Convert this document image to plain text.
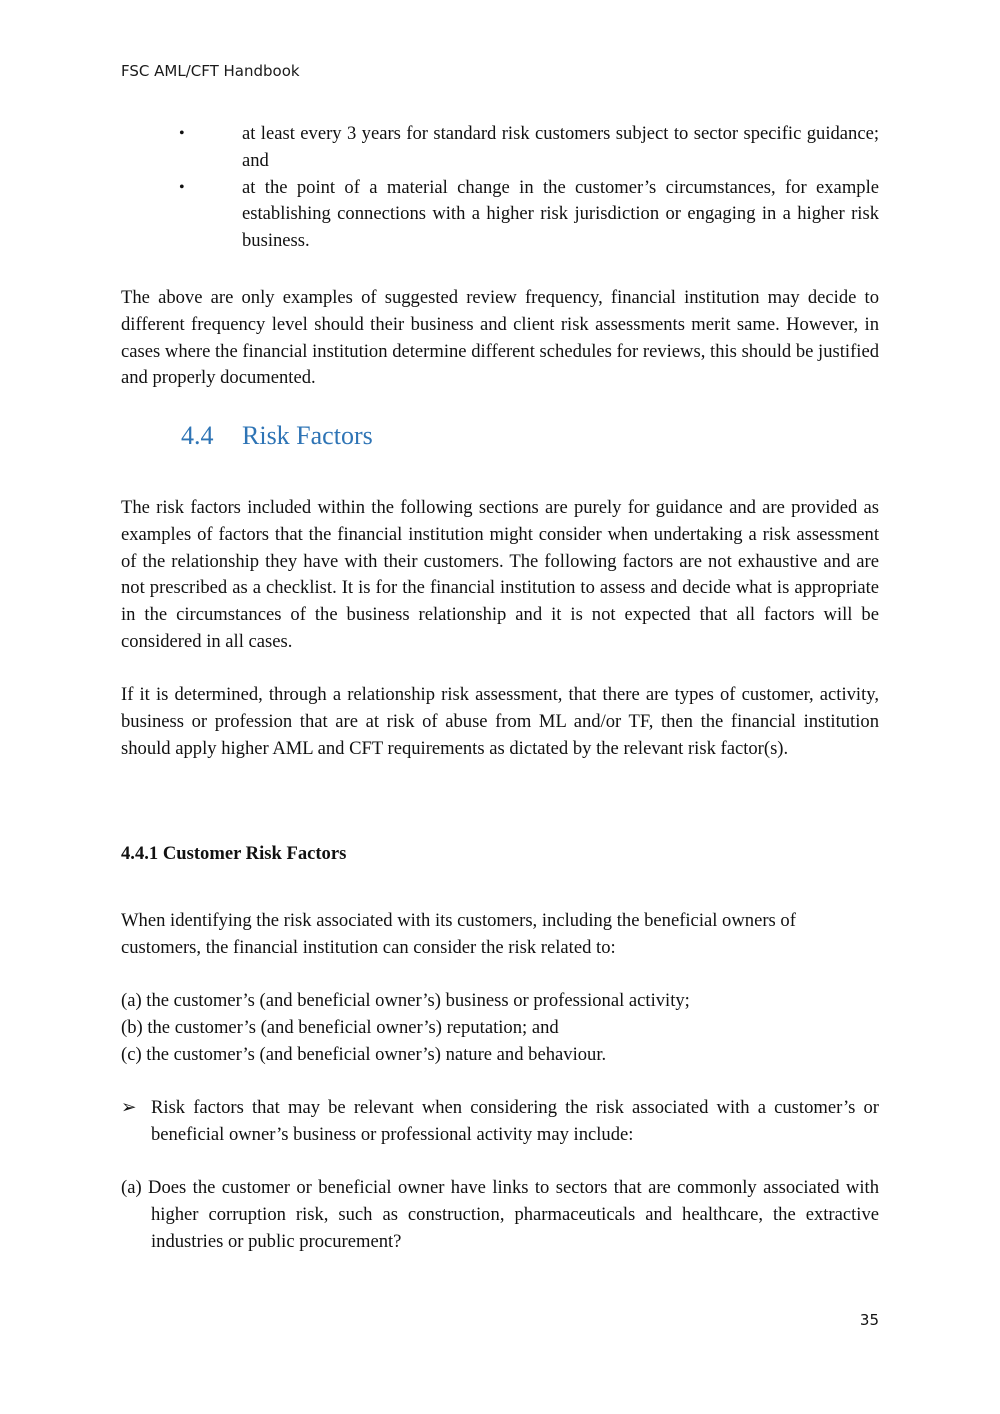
FSC AML/CFT Handbook
•	at least every 3 years for standard risk customers subject to sector specific guidance; and
•	at the point of a material change in the customer’s circumstances, for example establishing connections with a higher risk jurisdiction or engaging in a higher risk business.

The above are only examples of suggested review frequency, financial institution may decide to different frequency level should their business and client risk assessments merit same. However, in cases where the financial institution determine different schedules for reviews, this should be justified and properly documented.

4.4 Risk Factors

The risk factors included within the following sections are purely for guidance and are provided as examples of factors that the financial institution might consider when undertaking a risk assessment of the relationship they have with their customers. The following factors are not exhaustive and are not prescribed as a checklist. It is for the financial institution to assess and decide what is appropriate in the circumstances of the business relationship and it is not expected that all factors will be considered in all cases.

If it is determined, through a relationship risk assessment, that there are types of customer, activity, business or profession that are at risk of abuse from ML and/or TF, then the financial institution should apply higher AML and CFT requirements as dictated by the relevant risk factor(s).

4.4.1 Customer Risk Factors

When identifying the risk associated with its customers, including the beneficial owners of customers, the financial institution can consider the risk related to:

(a) the customer’s (and beneficial owner’s) business or professional activity;
(b) the customer’s (and beneficial owner’s) reputation; and
(c) the customer’s (and beneficial owner’s) nature and behaviour.
➢ Risk factors that may be relevant when considering the risk associated with a customer’s or beneficial owner’s business or professional activity may include:
(a) Does the customer or beneficial owner have links to sectors that are commonly associated with higher corruption risk, such as construction, pharmaceuticals and healthcare, the extractive industries or public procurement?
35
